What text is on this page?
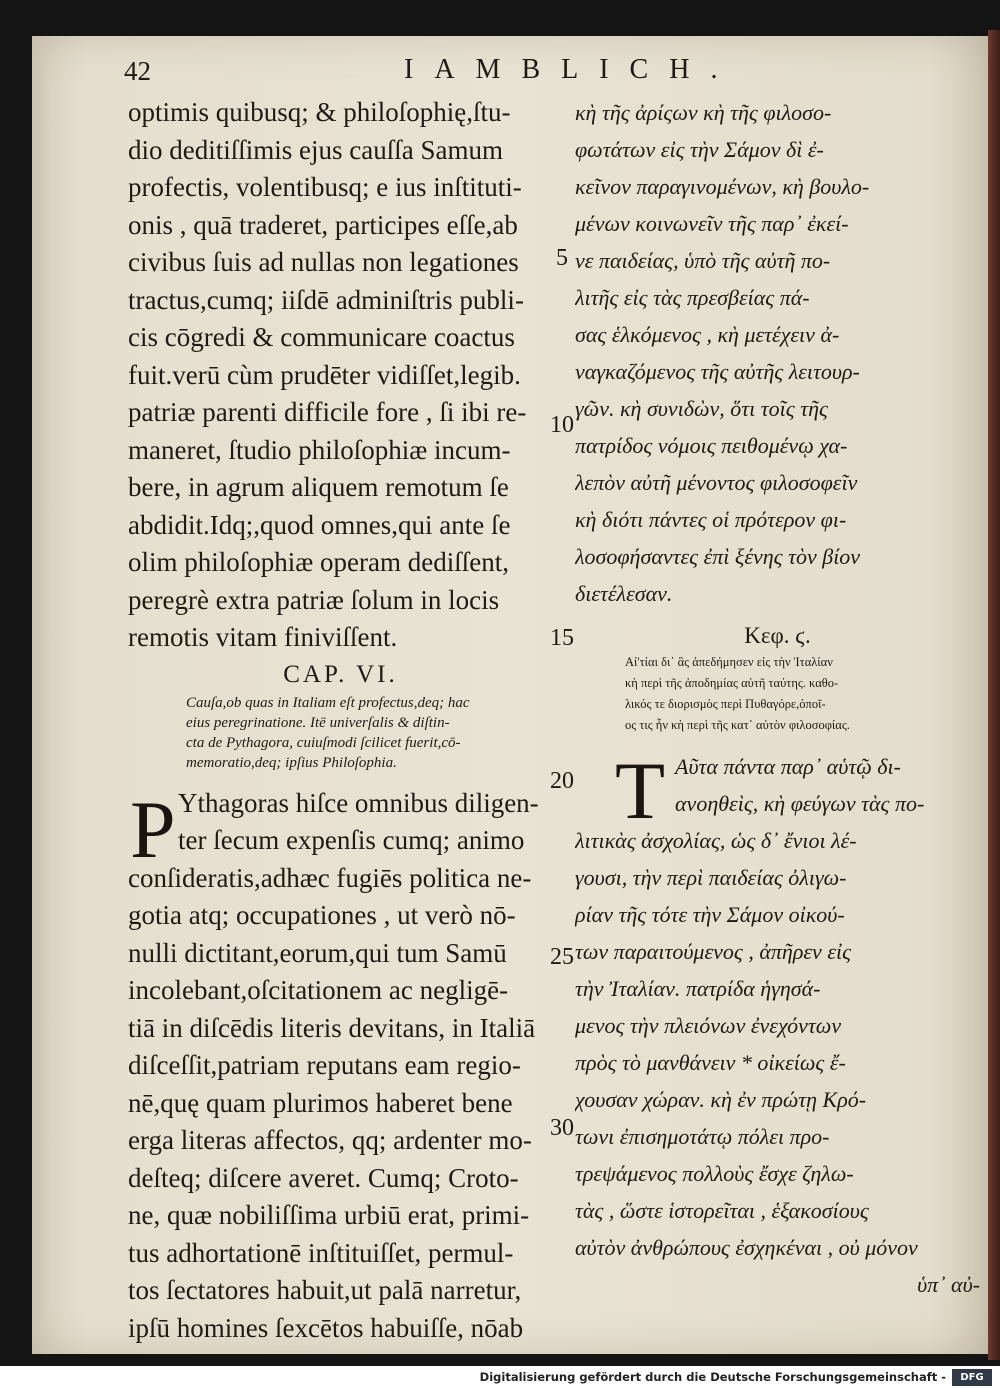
42	IAMBLICH.
optimis quibusq; & philoſophię,ſtu-
dio deditiſſimis ejus cauſſa Samum
profectis, volentibusq; e ius inſtituti-
onis , quā traderet, participes eſſe,ab
civibus ſuis ad nullas non legationes
tractus,cumq; iiſdē adminiſtris publi-
cis cōgredi & communicare coactus
fuit.verū cùm prudēter vidiſſet,legib.
patriæ parenti difficile fore , ſi ibi re-
maneret, ſtudio philoſophiæ incum-
bere, in agrum aliquem remotum ſe
abdidit.Idq;,quod omnes,qui ante ſe
olim philoſophiæ operam dediſſent,
peregrè extra patriæ ſolum in locis
remotis vitam finiviſſent.
CAP. VI.
Cauſa,ob quas in Italiam eſt profectus,deq; hac
eius peregrinatione. Itē univerſalis & diſtin-
cta de Pythagora, cuiuſmodi ſcilicet fuerit,cō-
memoratio,deq; ipſius Philoſophia.
P Ythagoras hiſce omnibus diligen-
ter ſecum expenſis cumq; animo
conſideratis,adhæc fugiēs politica ne-
gotia atq; occupationes , ut verò nō-
nulli dictitant,eorum,qui tum Samū
incolebant,oſcitationem ac negligē-
tiā in diſcēdis literis devitans, in Italiā
diſceſſit,patriam reputans eam regio-
nē,quę quam plurimos haberet bene
erga literas affectos, qq; ardenter mo-
deſteq; diſcere averet. Cumq; Croto-
ne, quæ nobiliſſima urbiū erat, primi-
tus adhortationē inſtituiſſet, permul-
tos ſectatores habuit,ut palā narretur,
ipſū homines ſexcētos habuiſſe, nōab
5
10
15
20
25
30
κὴ τῆς ἀρίςων κὴ τῆς φιλοσο-
φωτάτων εἰς τὴν Σάμον δὶ ἐ-
κεῖνον παραγινομένων, κὴ βουλο-
μένων κοινωνεῖν τῆς παρ᾽ ἐκεί-
νε παιδείας, ὑπὸ τῆς αὐτῆ πο-
λιτῆς εἰς τὰς πρεσβείας πά-
σας ἑλκόμενος , κὴ μετέχειν ἀ-
ναγκαζόμενος τῆς αὐτῆς λειτουρ-
γῶν. κὴ συνιδὼν, ὅτι τοῖς τῆς
πατρίδος νόμοις πειθομένῳ χα-
λεπὸν αὐτῆ μένοντος φιλοσοφεῖν
κὴ διότι πάντες οἱ πρότερον φι-
λοσοφήσαντες ἐπὶ ξένης τὸν βίον
διετέλεσαν.
Κεφ. ϛ.
Αἰ'τίαι δι᾽ ἃς ἀπεδήμησεν εἰς τὴν Ἰταλίαν
κὴ περὶ τῆς ἀποδημίας αὐτῆ ταύτης. καθο-
λικός τε διορισμὸς περὶ Πυθαγόρε,ὁποῖ-
ος τις ἦν κὴ περὶ τῆς κατ᾽ αὐτὸν φιλοσοφίας.
T Αῦτα πάντα παρ᾽ αὑτῷ δι-
ανοηθεὶς, κὴ φεύγων τὰς πο-
λιτικὰς ἀσχολίας, ὡς δ᾽ ἔνιοι λέ-
γουσι, τὴν περὶ παιδείας ὀλιγω-
ρίαν τῆς τότε τὴν Σάμον οἰκού-
των παραιτούμενος , ἀπῆρεν εἰς
τὴν Ἰταλίαν. πατρίδα ἡγησά-
μενος τὴν πλειόνων ἐνεχόντων
πρὸς τὸ μανθάνειν * οἰκείως ἔ-
χουσαν χώραν. κὴ ἐν πρώτῃ Κρό-
τωνι ἐπισημοτάτῳ πόλει προ-
τρεψάμενος πολλοὺς ἔσχε ζηλω-
τὰς , ὥστε ἱστορεῖται , ἑξακοσίους
αὐτὸν ἀνθρώπους ἐσχηκέναι , οὐ μόνον
ὑπ᾽ αὐ-
Digitalisierung gefördert durch die Deutsche Forschungsgemeinschaft -	DFG
